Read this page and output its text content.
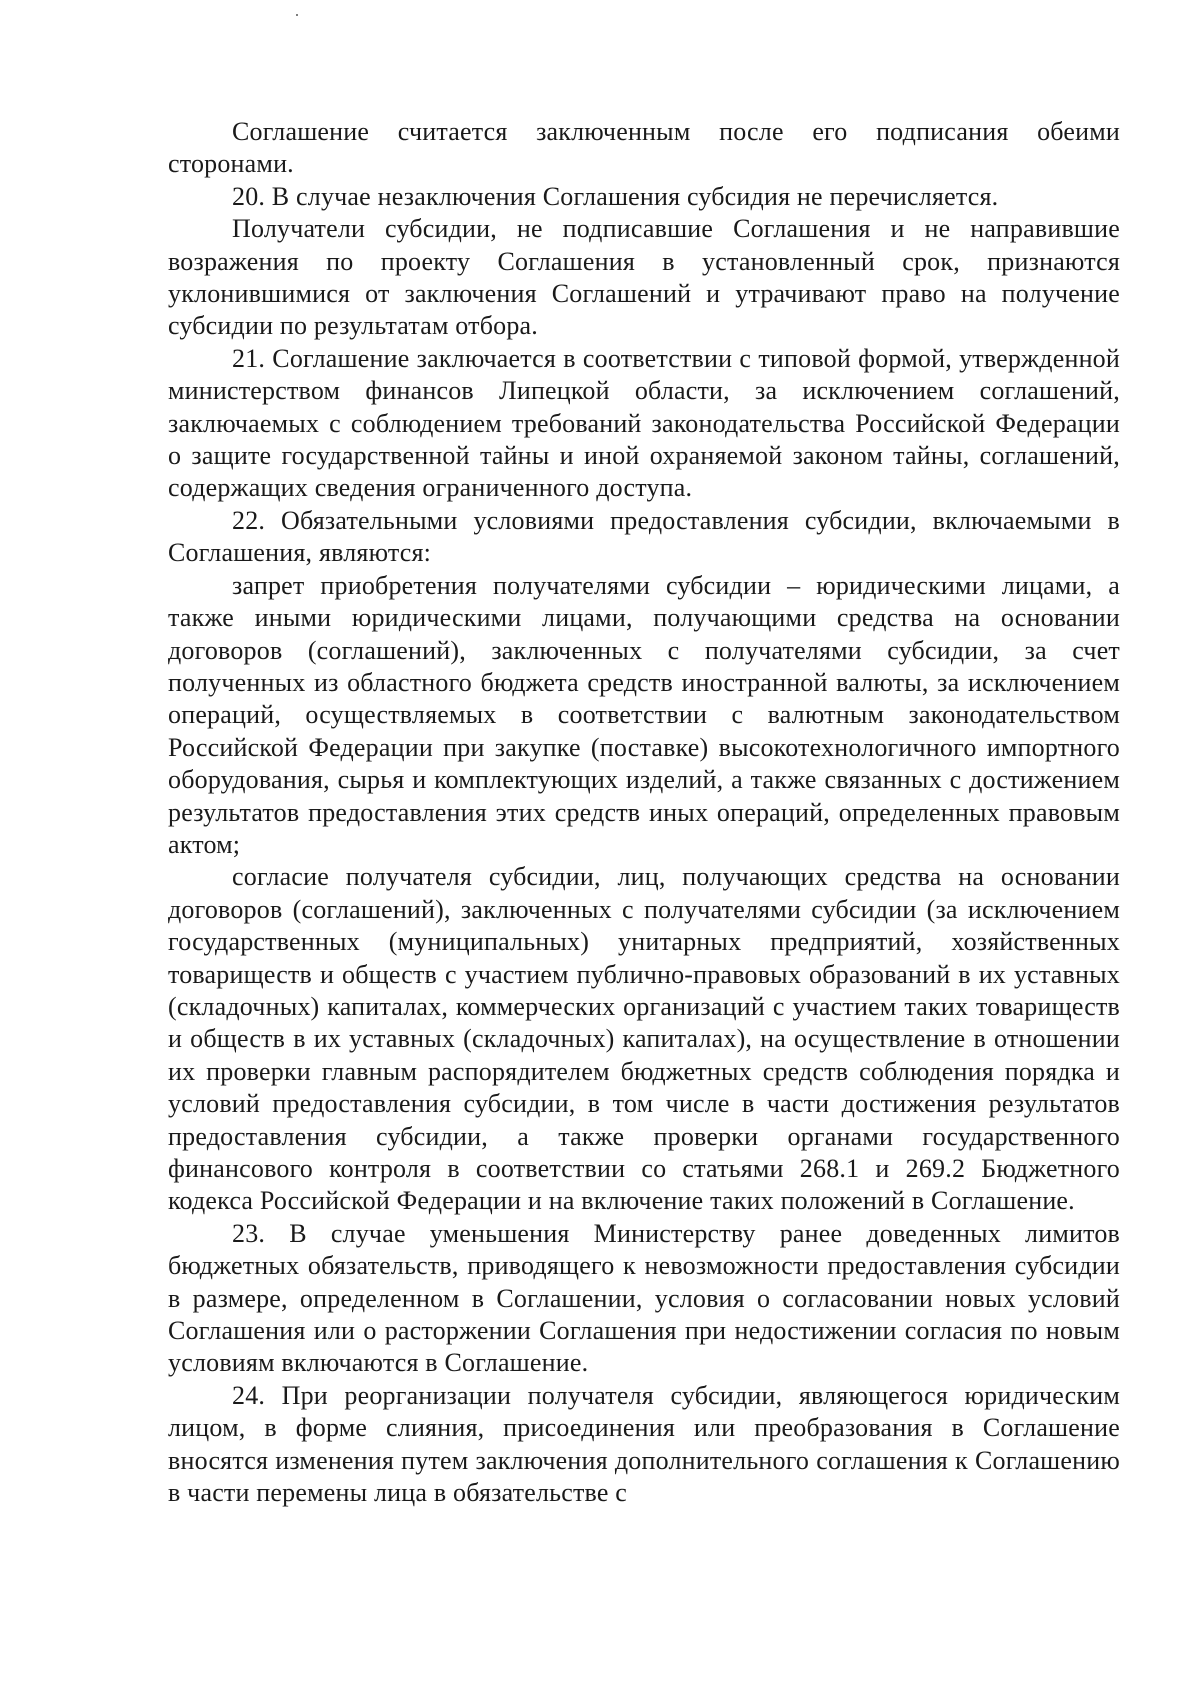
Соглашение считается заключенным после его подписания обеими сторонами.

20. В случае незаключения Соглашения субсидия не перечисляется.

Получатели субсидии, не подписавшие Соглашения и не направившие возражения по проекту Соглашения в установленный срок, признаются уклонившимися от заключения Соглашений и утрачивают право на получение субсидии по результатам отбора.

21. Соглашение заключается в соответствии с типовой формой, утвержденной министерством финансов Липецкой области, за исключением соглашений, заключаемых с соблюдением требований законодательства Российской Федерации о защите государственной тайны и иной охраняемой законом тайны, соглашений, содержащих сведения ограниченного доступа.

22. Обязательными условиями предоставления субсидии, включаемыми в Соглашения, являются:

запрет приобретения получателями субсидии – юридическими лицами, а также иными юридическими лицами, получающими средства на основании договоров (соглашений), заключенных с получателями субсидии, за счет полученных из областного бюджета средств иностранной валюты, за исключением операций, осуществляемых в соответствии с валютным законодательством Российской Федерации при закупке (поставке) высокотехнологичного импортного оборудования, сырья и комплектующих изделий, а также связанных с достижением результатов предоставления этих средств иных операций, определенных правовым актом;

согласие получателя субсидии, лиц, получающих средства на основании договоров (соглашений), заключенных с получателями субсидии (за исключением государственных (муниципальных) унитарных предприятий, хозяйственных товариществ и обществ с участием публично-правовых образований в их уставных (складочных) капиталах, коммерческих организаций с участием таких товариществ и обществ в их уставных (складочных) капиталах), на осуществление в отношении их проверки главным распорядителем бюджетных средств соблюдения порядка и условий предоставления субсидии, в том числе в части достижения результатов предоставления субсидии, а также проверки органами государственного финансового контроля в соответствии со статьями 268.1 и 269.2 Бюджетного кодекса Российской Федерации и на включение таких положений в Соглашение.

23. В случае уменьшения Министерству ранее доведенных лимитов бюджетных обязательств, приводящего к невозможности предоставления субсидии в размере, определенном в Соглашении, условия о согласовании новых условий Соглашения или о расторжении Соглашения при недостижении согласия по новым условиям включаются в Соглашение.

24. При реорганизации получателя субсидии, являющегося юридическим лицом, в форме слияния, присоединения или преобразования в Соглашение вносятся изменения путем заключения дополнительного соглашения к Соглашению в части перемены лица в обязательстве с
